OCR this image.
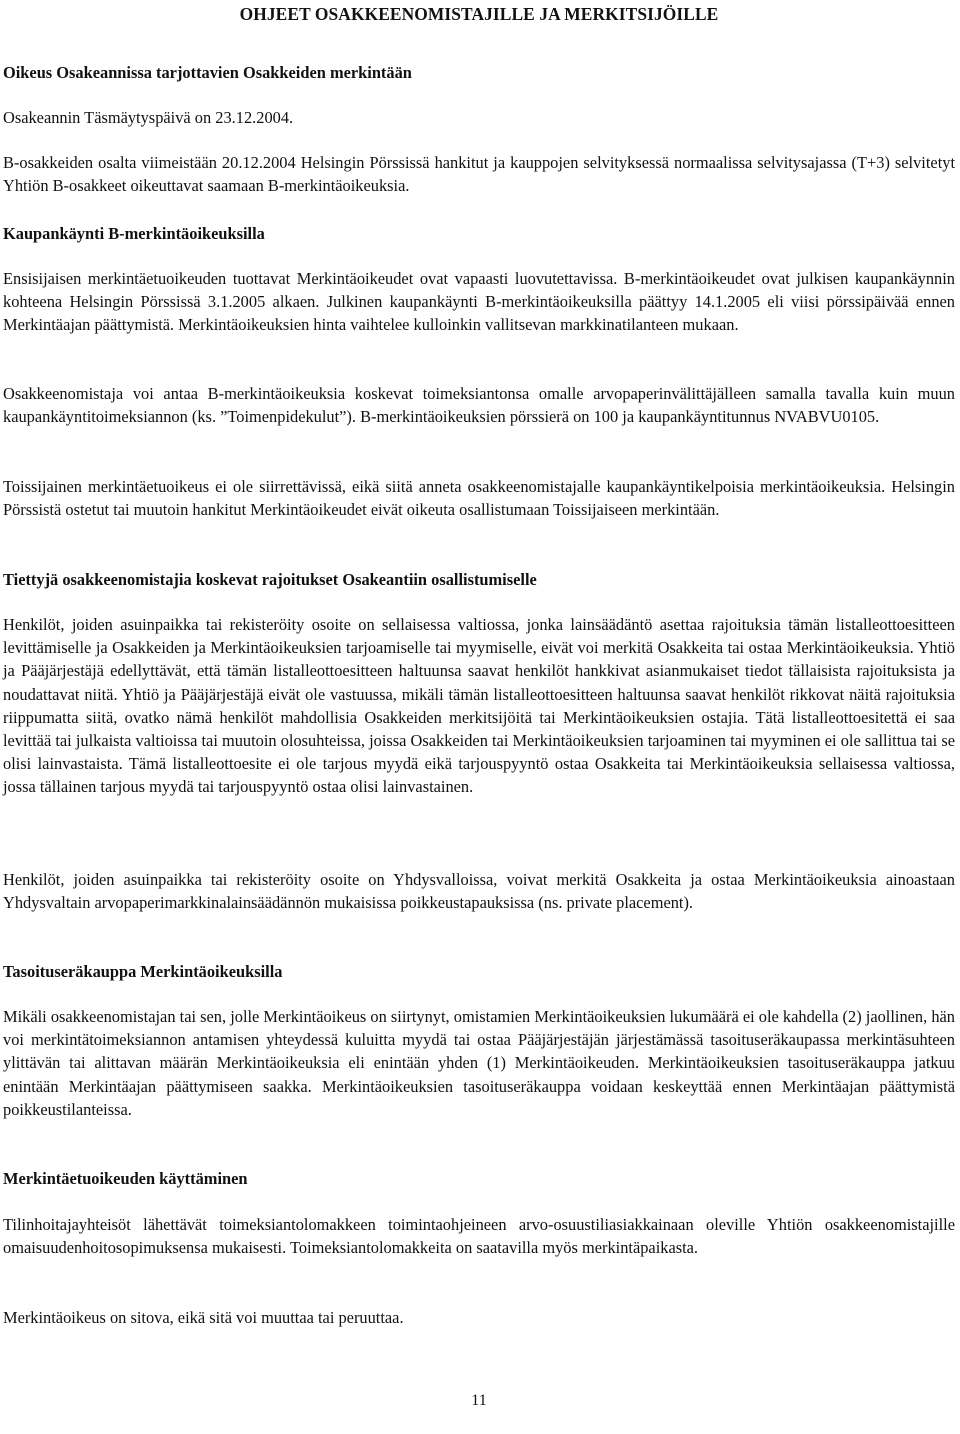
OHJEET OSAKKEENOMISTAJILLE JA MERKITSIJÖILLE
Oikeus Osakeannissa tarjottavien Osakkeiden merkintään

Osakeannin Täsmäytyspäivä on 23.12.2004.

B-osakkeiden osalta viimeistään 20.12.2004 Helsingin Pörssissä hankitut ja kauppojen selvityksessä normaalissa selvitysajassa (T+3) selvitetyt Yhtiön B-osakkeet oikeuttavat saamaan B-merkintäoikeuksia.

Kaupankäynti B-merkintäoikeuksilla

Ensisijaisen merkintäetuoikeuden tuottavat Merkintäoikeudet ovat vapaasti luovutettavissa. B-merkintäoikeudet ovat julkisen kaupankäynnin kohteena Helsingin Pörssissä 3.1.2005 alkaen. Julkinen kaupankäynti B-merkintäoikeuksilla päättyy 14.1.2005 eli viisi pörssipäivää ennen Merkintäajan päättymistä. Merkintäoikeuksien hinta vaihtelee kulloinkin vallitsevan markkinatilanteen mukaan.

Osakkeenomistaja voi antaa B-merkintäoikeuksia koskevat toimeksiantonsa omalle arvopaperinvälittäjälleen samalla tavalla kuin muun kaupankäyntitoimeksiannon (ks. ”Toimenpidekulut”). B-merkintäoikeuksien pörssierä on 100 ja kaupankäyntitunnus NVABVU0105.

Toissijainen merkintäetuoikeus ei ole siirrettävissä, eikä siitä anneta osakkeenomistajalle kaupankäyntikelpoisia merkintäoikeuksia. Helsingin Pörssistä ostetut tai muutoin hankitut Merkintäoikeudet eivät oikeuta osallistumaan Toissijaiseen merkintään.

Tiettyjä osakkeenomistajia koskevat rajoitukset Osakeantiin osallistumiselle

Henkilöt, joiden asuinpaikka tai rekisteröity osoite on sellaisessa valtiossa, jonka lainsäädäntö asettaa rajoituksia tämän listalleottoesitteen levittämiselle ja Osakkeiden ja Merkintäoikeuksien tarjoamiselle tai myymiselle, eivät voi merkitä Osakkeita tai ostaa Merkintäoikeuksia. Yhtiö ja Pääjärjestäjä edellyttävät, että tämän listalleottoesitteen haltuunsa saavat henkilöt hankkivat asianmukaiset tiedot tällaisista rajoituksista ja noudattavat niitä. Yhtiö ja Pääjärjestäjä eivät ole vastuussa, mikäli tämän listalleottoesitteen haltuunsa saavat henkilöt rikkovat näitä rajoituksia riippumatta siitä, ovatko nämä henkilöt mahdollisia Osakkeiden merkitsijöitä tai Merkintäoikeuksien ostajia. Tätä listalleottoesitettä ei saa levittää tai julkaista valtioissa tai muutoin olosuhteissa, joissa Osakkeiden tai Merkintäoikeuksien tarjoaminen tai myyminen ei ole sallittua tai se olisi lainvastaista. Tämä listalleottoesite ei ole tarjous myydä eikä tarjouspyyntö ostaa Osakkeita tai Merkintäoikeuksia sellaisessa valtiossa, jossa tällainen tarjous myydä tai tarjouspyyntö ostaa olisi lainvastainen.

Henkilöt, joiden asuinpaikka tai rekisteröity osoite on Yhdysvalloissa, voivat merkitä Osakkeita ja ostaa Merkintäoikeuksia ainoastaan Yhdysvaltain arvopaperimarkkinalainsäädännön mukaisissa poikkeustapauksissa (ns. private placement).

Tasoituseräkauppa Merkintäoikeuksilla

Mikäli osakkeenomistajan tai sen, jolle Merkintäoikeus on siirtynyt, omistamien Merkintäoikeuksien lukumäärä ei ole kahdella (2) jaollinen, hän voi merkintätoimeksiannon antamisen yhteydessä kuluitta myydä tai ostaa Pääjärjestäjän järjestämässä tasoituseräkaupassa merkintäsuhteen ylittävän tai alittavan määrän Merkintäoikeuksia eli enintään yhden (1) Merkintäoikeuden. Merkintäoikeuksien tasoituseräkauppa jatkuu enintään Merkintäajan päättymiseen saakka. Merkintäoikeuksien tasoituseräkauppa voidaan keskeyttää ennen Merkintäajan päättymistä poikkeustilanteissa.

Merkintäetuoikeuden käyttäminen

Tilinhoitajayhteisöt lähettävät toimeksiantolomakkeen toimintaohjeineen arvo-osuustiliasiakkainaan oleville Yhtiön osakkeenomistajille omaisuudenhoitosopimuksensa mukaisesti. Toimeksiantolomakkeita on saatavilla myös merkintäpaikasta.

Merkintäoikeus on sitova, eikä sitä voi muuttaa tai peruuttaa.

11
